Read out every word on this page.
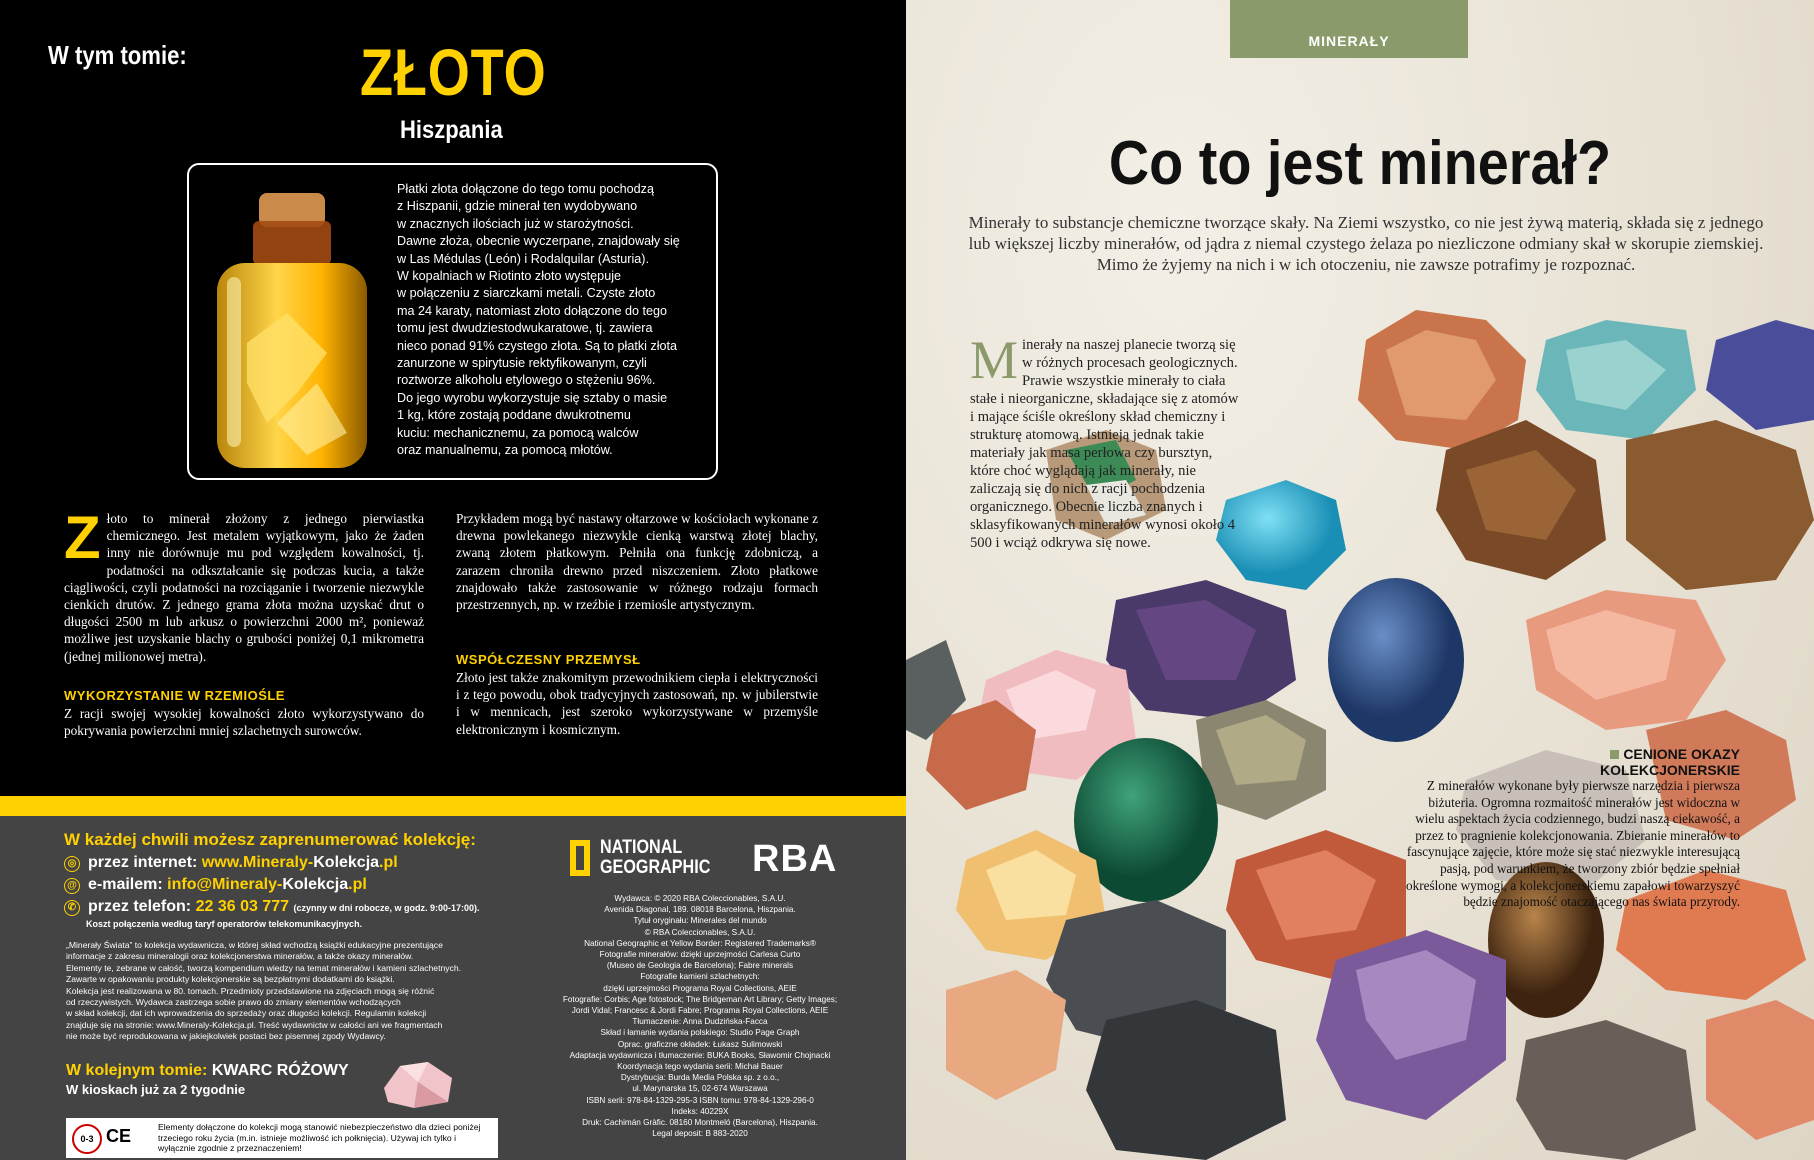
W tym tomie:	ZŁOTO
Hiszpania
Płatki złota dołączone do tego tomu pochodzą
z Hiszpanii, gdzie minerał ten wydobywano
w znacznych ilościach już w starożytności.
Dawne złoża, obecnie wyczerpane, znajdowały się
w Las Médulas (León) i Rodalquilar (Asturia).
W kopalniach w Riotinto złoto występuje
w połączeniu z siarczkami metali. Czyste złoto
ma 24 karaty, natomiast złoto dołączone do tego
tomu jest dwudziestodwukaratowe, tj. zawiera
nieco ponad 91% czystego złota. Są to płatki złota
zanurzone w spirytusie rektyfikowanym, czyli
roztworze alkoholu etylowego o stężeniu 96%.
Do jego wyrobu wykorzystuje się sztaby o masie
1 kg, które zostają poddane dwukrotnemu
kuciu: mechanicznemu, za pomocą walców
oraz manualnemu, za pomocą młotów.
Złoto to minerał złożony z jednego pierwiastka chemicznego. Jest metalem wyjątkowym, jako że żaden inny nie dorównuje mu pod względem kowalności, tj. podatności na odkształcanie się podczas kucia, a także ciągliwości, czyli podatności na rozciąganie i tworzenie niezwykle cienkich drutów. Z jednego grama złota można uzyskać drut o długości 2500 m lub arkusz o powierzchni 2000 m², ponieważ możliwe jest uzyskanie blachy o grubości poniżej 0,1 mikrometra (jednej milionowej metra).
WYKORZYSTANIE W RZEMIOŚLE
Z racji swojej wysokiej kowalności złoto wykorzystywano do pokrywania powierzchni mniej szlachetnych surowców.
Przykładem mogą być nastawy ołtarzowe w kościołach wykonane z drewna powlekanego niezwykle cienką warstwą złotej blachy, zwaną złotem płatkowym. Pełniła ona funkcję zdobniczą, a zarazem chroniła drewno przed niszczeniem. Złoto płatkowe znajdowało także zastosowanie w różnego rodzaju formach przestrzennych, np. w rzeźbie i rzemiośle artystycznym.
WSPÓŁCZESNY PRZEMYSŁ
Złoto jest także znakomitym przewodnikiem ciepła i elektryczności i z tego powodu, obok tradycyjnych zastosowań, np. w jubilerstwie i w mennicach, jest szeroko wykorzystywane w przemyśle elektronicznym i kosmicznym.
W każdej chwili możesz zaprenumerować kolekcję:
◎ przez internet: www.Mineraly-Kolekcja.pl
@ e-mailem: info@Mineraly-Kolekcja.pl
✆ przez telefon: 22 36 03 777 (czynny w dni robocze, w godz. 9:00-17:00).
Koszt połączenia według taryf operatorów telekomunikacyjnych.
„Minerały Świata” to kolekcja wydawnicza, w której skład wchodzą książki edukacyjne prezentujące
informacje z zakresu mineralogii oraz kolekcjonerstwa minerałów, a także okazy minerałów.
Elementy te, zebrane w całość, tworzą kompendium wiedzy na temat minerałów i kamieni szlachetnych.
Zawarte w opakowaniu produkty kolekcjonerskie są bezpłatnymi dodatkami do książki.
Kolekcja jest realizowana w 80. tomach. Przedmioty przedstawione na zdjęciach mogą się różnić
od rzeczywistych. Wydawca zastrzega sobie prawo do zmiany elementów wchodzących
w skład kolekcji, dat ich wprowadzenia do sprzedaży oraz długości kolekcji. Regulamin kolekcji
znajduje się na stronie: www.Mineraly-Kolekcja.pl. Treść wydawnictw w całości ani we fragmentach
nie może być reprodukowana w jakiejkolwiek postaci bez pisemnej zgody Wydawcy.
W kolejnym tomie: KWARC RÓŻOWY
W kioskach już za 2 tygodnie
0-3 CE	Elementy dołączone do kolekcji mogą stanowić niebezpieczeństwo dla dzieci poniżej trzeciego roku życia (m.in. istnieje możliwość ich połknięcia). Używaj ich tylko i wyłącznie zgodnie z przeznaczeniem!
NATIONAL
GEOGRAPHIC RBA
Wydawca: © 2020 RBA Coleccionables, S.A.U.
Avenida Diagonal, 189. 08018 Barcelona, Hiszpania.
Tytuł oryginału: Minerales del mundo
© RBA Coleccionables, S.A.U.
National Geographic et Yellow Border: Registered Trademarks®
Fotografie minerałów: dzięki uprzejmości Carlesa Curto
(Museo de Geologia de Barcelona); Fabre minerals
Fotografie kamieni szlachetnych:
dzięki uprzejmości Programa Royal Collections, AEIE
Fotografie: Corbis; Age fotostock; The Bridgeman Art Library; Getty Images;
Jordi Vidal; Francesc & Jordi Fabre; Programa Royal Collections, AEIE
Tłumaczenie: Anna Dudzińska-Facca
Skład i łamanie wydania polskiego: Studio Page Graph
Oprac. graficzne okładek: Łukasz Sulimowski
Adaptacja wydawnicza i tłumaczenie: BUKA Books, Sławomir Chojnacki
Koordynacja tego wydania serii: Michał Bauer
Dystrybucja: Burda Media Polska sp. z o.o.,
ul. Marynarska 15, 02-674 Warszawa
ISBN serii: 978-84-1329-295-3 ISBN tomu: 978-84-1329-296-0
Indeks: 40229X
Druk: Cachimán Gràfic. 08160 Montmeló (Barcelona), Hiszpania.
Legal deposit: B 883-2020
MINERAŁY
Co to jest minerał?
Minerały to substancje chemiczne tworzące skały. Na Ziemi wszystko, co nie jest żywą materią, składa się z jednego lub większej liczby minerałów, od jądra z niemal czystego żelaza po niezliczone odmiany skał w skorupie ziemskiej. Mimo że żyjemy na nich i w ich otoczeniu, nie zawsze potrafimy je rozpoznać.
Minerały na naszej planecie tworzą się w różnych procesach geologicznych. Prawie wszystkie minerały to ciała stałe i nieorganiczne, składające się z atomów i mające ściśle określony skład chemiczny i strukturę atomową. Istnieją jednak takie materiały jak masa perłowa czy bursztyn, które choć wyglądają jak minerały, nie zaliczają się do nich z racji pochodzenia organicznego. Obecnie liczba znanych i sklasyfikowanych minerałów wynosi około 4 500 i wciąż odkrywa się nowe.
CENIONE OKAZY
KOLEKCJONERSKIE
Z minerałów wykonane były pierwsze narzędzia i pierwsza biżuteria. Ogromna rozmaitość minerałów jest widoczna w wielu aspektach życia codziennego, budzi naszą ciekawość, a przez to pragnienie kolekcjonowania. Zbieranie minerałów to fascynujące zajęcie, które może się stać niezwykle interesującą pasją, pod warunkiem, że tworzony zbiór będzie spełniał określone wymogi, a kolekcjonerskiemu zapałowi towarzyszyć będzie znajomość otaczającego nas świata przyrody.
